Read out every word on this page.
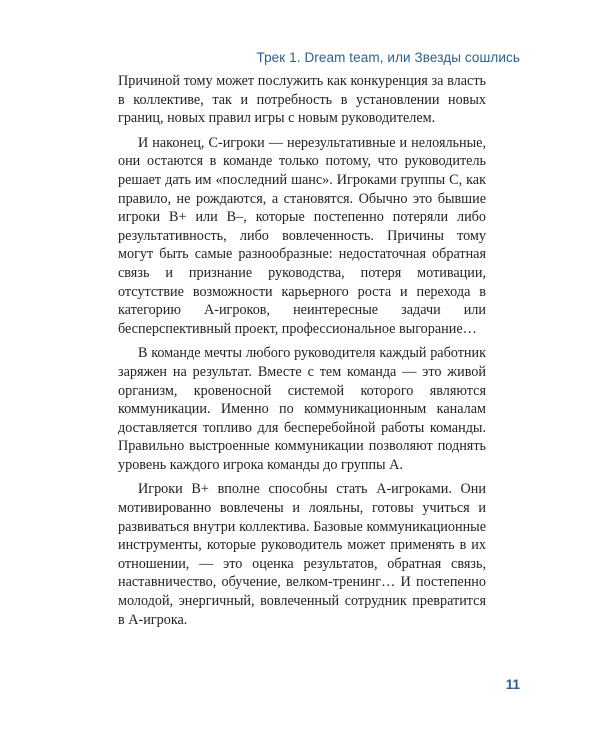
Трек 1. Dream team, или Звезды сошлись

Причиной тому может послужить как конкуренция за власть в коллективе, так и потребность в установлении новых границ, новых правил игры с новым руководителем.

И наконец, С-игроки — нерезультативные и нелояльные, они остаются в команде только потому, что руководитель решает дать им «последний шанс». Игроками группы С, как правило, не рождаются, а становятся. Обычно это бывшие игроки В+ или В–, которые постепенно потеряли либо результативность, либо вовлеченность. Причины тому могут быть самые разнообразные: недостаточная обратная связь и признание руководства, потеря мотивации, отсутствие возможности карьерного роста и перехода в категорию А-игроков, неинтересные задачи или бесперспективный проект, профессиональное выгорание…

В команде мечты любого руководителя каждый работник заряжен на результат. Вместе с тем команда — это живой организм, кровеносной системой которого являются коммуникации. Именно по коммуникационным каналам доставляется топливо для бесперебойной работы команды. Правильно выстроенные коммуникации позволяют поднять уровень каждого игрока команды до группы А.

Игроки В+ вполне способны стать А-игроками. Они мотивированно вовлечены и лояльны, готовы учиться и развиваться внутри коллектива. Базовые коммуникационные инструменты, которые руководитель может применять в их отношении, — это оценка результатов, обратная связь, наставничество, обучение, велком-тренинг… И постепенно молодой, энергичный, вовлеченный сотрудник превратится в А-игрока.

11
